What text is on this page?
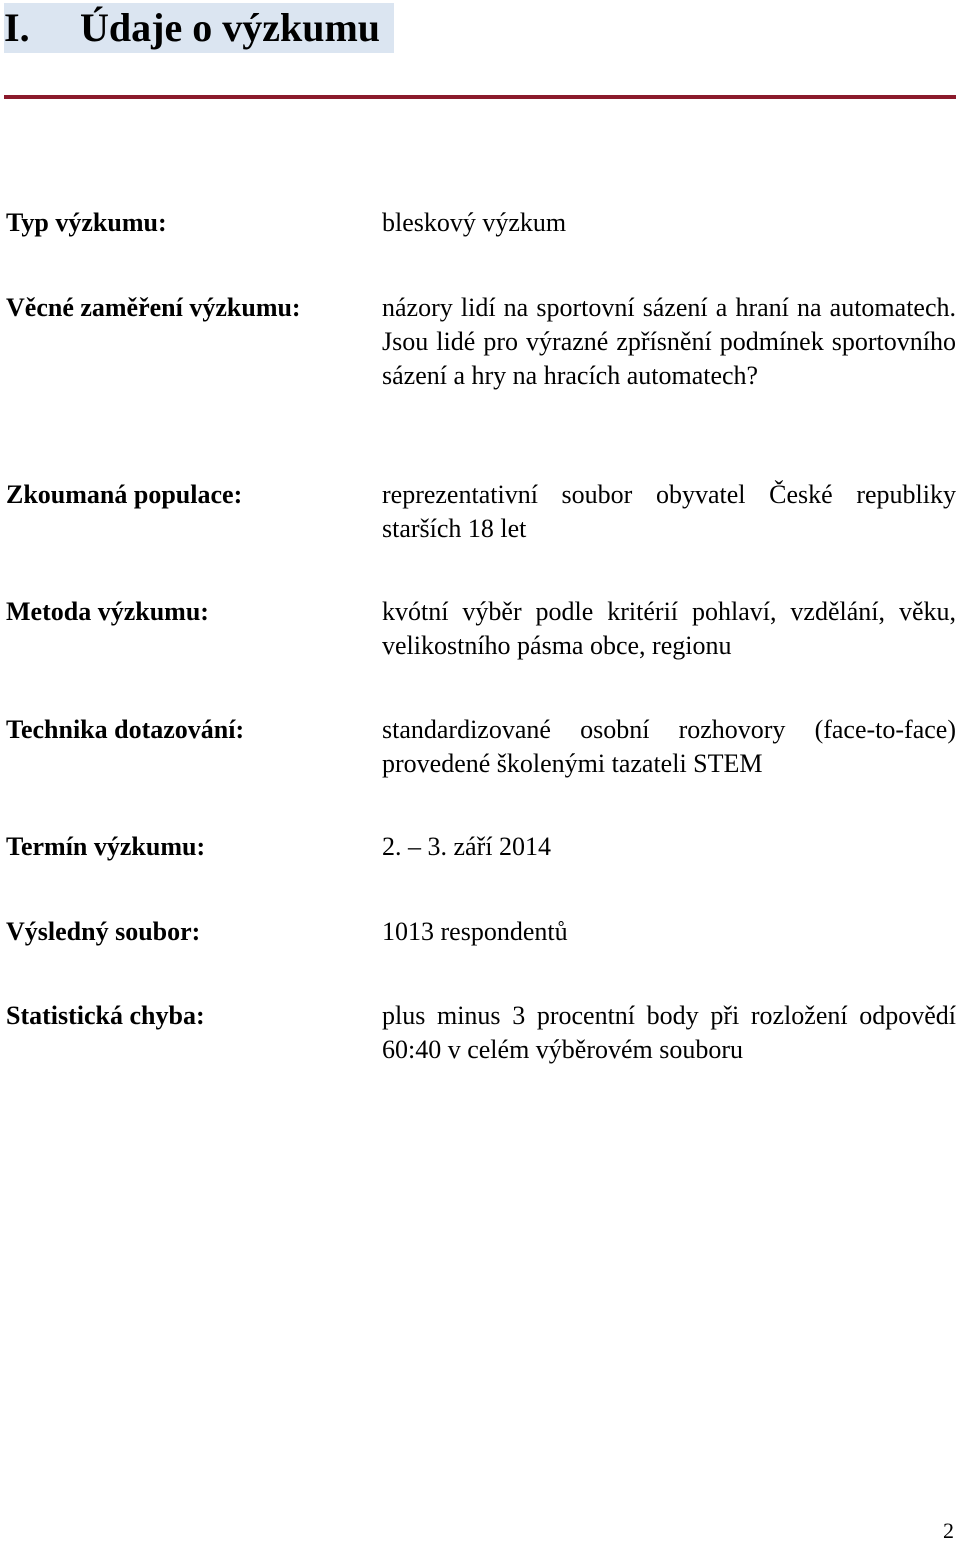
I. Údaje o výzkumu
Typ výzkumu:	bleskový výzkum
Věcné zaměření výzkumu:	názory lidí na sportovní sázení a hraní na automatech. Jsou lidé pro výrazné zpřísnění podmínek sportovního sázení a hry na hracích automatech?
Zkoumaná populace:	reprezentativní soubor obyvatel České republiky starších 18 let
Metoda výzkumu:	kvótní výběr podle kritérií pohlaví, vzdělání, věku, velikostního pásma obce, regionu
Technika dotazování:	standardizované osobní rozhovory (face-to-face) provedené školenými tazateli STEM
Termín výzkumu:	2. – 3. září 2014
Výsledný soubor:	1013 respondentů
Statistická chyba:	plus minus 3 procentní body při rozložení odpovědí 60:40 v celém výběrovém souboru
2
